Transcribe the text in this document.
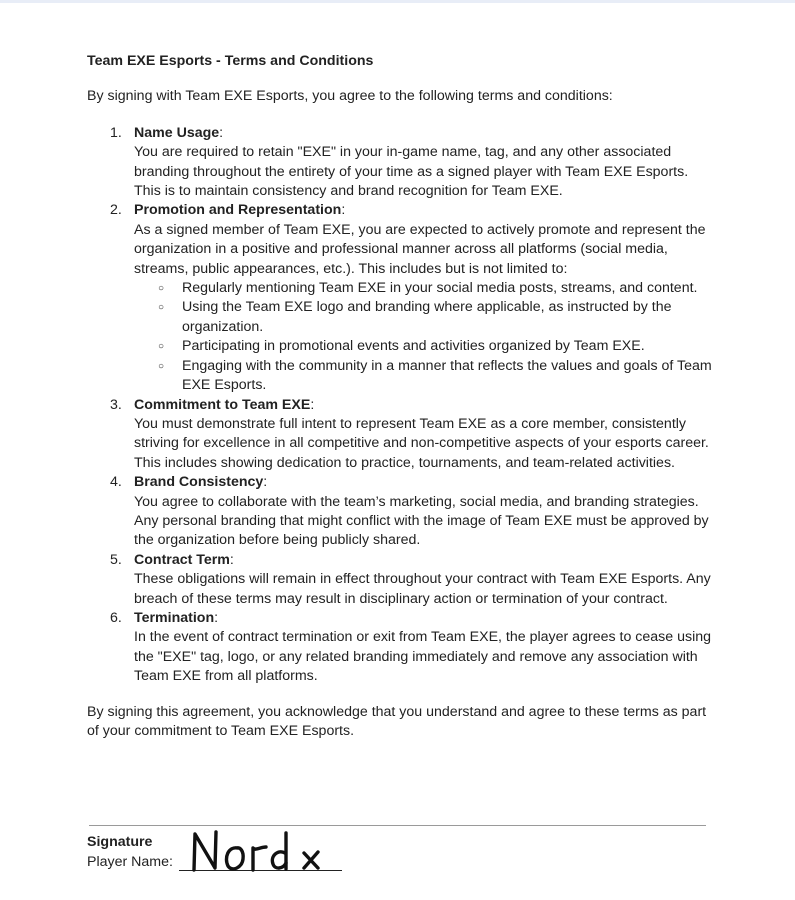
Team EXE Esports - Terms and Conditions

By signing with Team EXE Esports, you agree to the following terms and conditions:

1. Name Usage:
You are required to retain "EXE" in your in-game name, tag, and any other associated branding throughout the entirety of your time as a signed player with Team EXE Esports. This is to maintain consistency and brand recognition for Team EXE.
2. Promotion and Representation:
As a signed member of Team EXE, you are expected to actively promote and represent the organization in a positive and professional manner across all platforms (social media, streams, public appearances, etc.). This includes but is not limited to:
○ Regularly mentioning Team EXE in your social media posts, streams, and content.
○ Using the Team EXE logo and branding where applicable, as instructed by the organization.
○ Participating in promotional events and activities organized by Team EXE.
○ Engaging with the community in a manner that reflects the values and goals of Team EXE Esports.
3. Commitment to Team EXE:
You must demonstrate full intent to represent Team EXE as a core member, consistently striving for excellence in all competitive and non-competitive aspects of your esports career. This includes showing dedication to practice, tournaments, and team-related activities.
4. Brand Consistency:
You agree to collaborate with the team’s marketing, social media, and branding strategies. Any personal branding that might conflict with the image of Team EXE must be approved by the organization before being publicly shared.
5. Contract Term:
These obligations will remain in effect throughout your contract with Team EXE Esports. Any breach of these terms may result in disciplinary action or termination of your contract.
6. Termination:
In the event of contract termination or exit from Team EXE, the player agrees to cease using the "EXE" tag, logo, or any related branding immediately and remove any association with Team EXE from all platforms.

By signing this agreement, you acknowledge that you understand and agree to these terms as part of your commitment to Team EXE Esports.

Signature
Player Name:
